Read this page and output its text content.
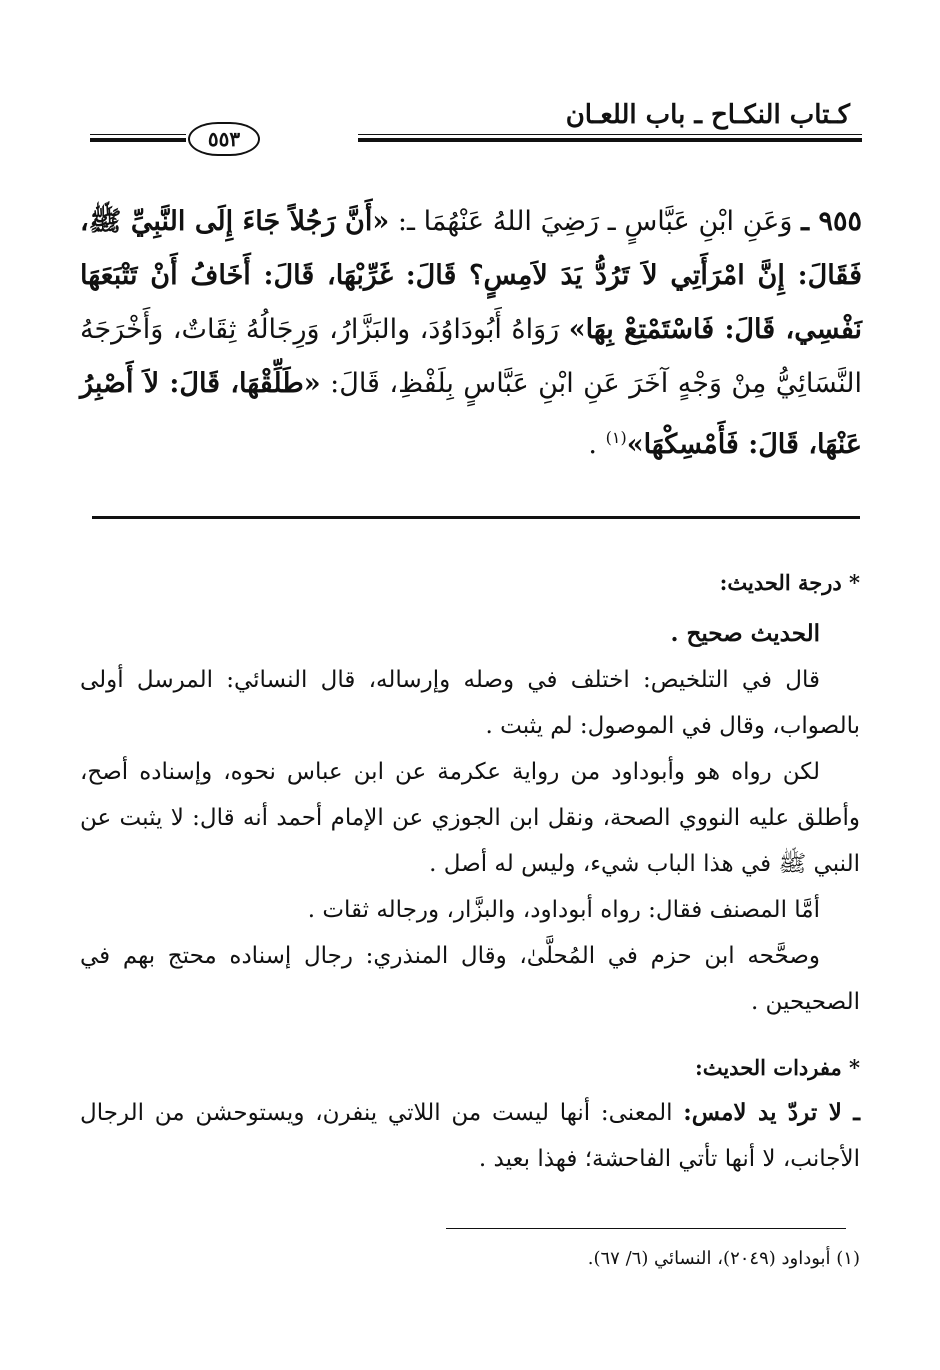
كـتاب النكـاح ـ باب اللعـان
٥٥٣
٩٥٥ ـ وَعَنِ ابْنِ عَبَّاسٍ ـ رَضِيَ اللهُ عَنْهُمَا ـ: «أَنَّ رَجُلاً جَاءَ إِلَى النَّبِيِّ ﷺ، فَقَالَ: إِنَّ امْرَأَتِي لاَ تَرُدُّ يَدَ لاَمِسٍ؟ قَالَ: غَرِّبْهَا، قَالَ: أَخَافُ أَنْ تَتْبَعَهَا نَفْسِي، قَالَ: فَاسْتَمْتِعْ بِهَا» رَوَاهُ أَبُودَاوُدَ، والبَزَّارُ، وَرِجَالُهُ ثِقَاتٌ، وَأَخْرَجَهُ النَّسَائِيُّ مِنْ وَجْهٍ آخَرَ عَنِ ابْنِ عَبَّاسٍ بِلَفْظِ، قَالَ: «طَلِّقْهَا، قَالَ: لاَ أَصْبِرُ عَنْهَا، قَالَ: فَأَمْسِكْهَا»$^{(١)}$ .
* درجة الحديث:

الحديث صحيح .

قال في التلخيص: اختلف في وصله وإرساله، قال النسائي: المرسل أولى بالصواب، وقال في الموصول: لم يثبت .

لكن رواه هو وأبوداود من رواية عكرمة عن ابن عباس نحوه، وإسناده أصح، وأطلق عليه النووي الصحة، ونقل ابن الجوزي عن الإمام أحمد أنه قال: لا يثبت عن النبي ﷺ في هذا الباب شيء، وليس له أصل .

أمَّا المصنف فقال: رواه أبوداود، والبزَّار، ورجاله ثقات .

وصحَّحه ابن حزم في المُحلَّىٰ، وقال المنذري: رجال إسناده محتج بهم في الصحيحين .

* مفردات الحديث:

ـ لا تردّ يد لامس: المعنى: أنها ليست من اللاتي ينفرن، ويستوحشن من الرجال الأجانب، لا أنها تأتي الفاحشة؛ فهذا بعيد .

(١) أبوداود (٢٠٤٩)، النسائي (٦/ ٦٧).
